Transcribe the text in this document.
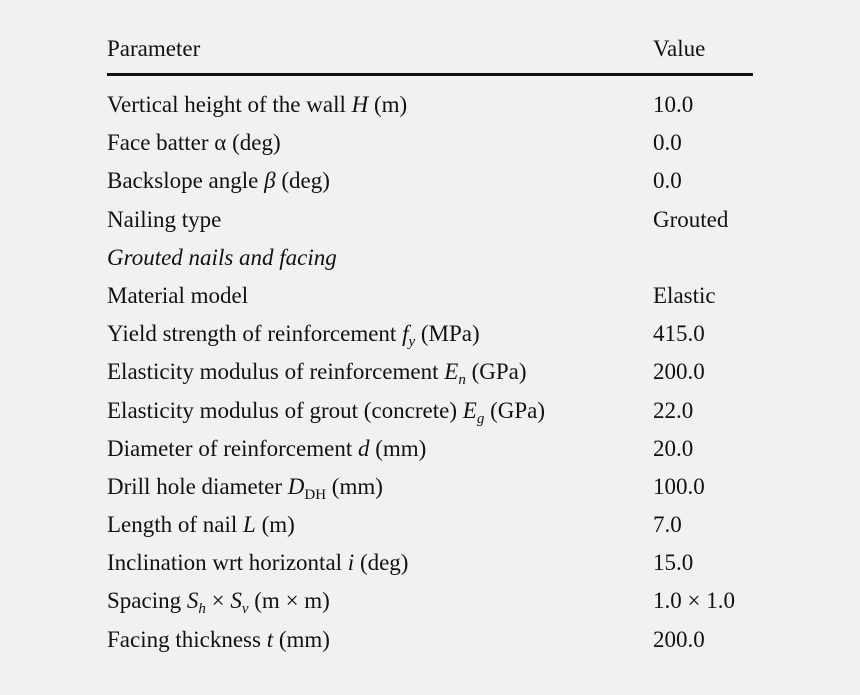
Parameter	Value
Vertical height of the wall H (m)	10.0
Face batter α (deg)	0.0
Backslope angle β (deg)	0.0
Nailing type	Grouted
Grouted nails and facing
Material model	Elastic
Yield strength of reinforcement $f_y$ (MPa)	415.0
Elasticity modulus of reinforcement $E_n$ (GPa)	200.0
Elasticity modulus of grout (concrete) $E_g$ (GPa)	22.0
Diameter of reinforcement d (mm)	20.0
Drill hole diameter $D_{DH}$ (mm)	100.0
Length of nail L (m)	7.0
Inclination wrt horizontal i (deg)	15.0
Spacing $S_h \times S_v$ (m × m)	1.0 × 1.0
Facing thickness t (mm)	200.0
